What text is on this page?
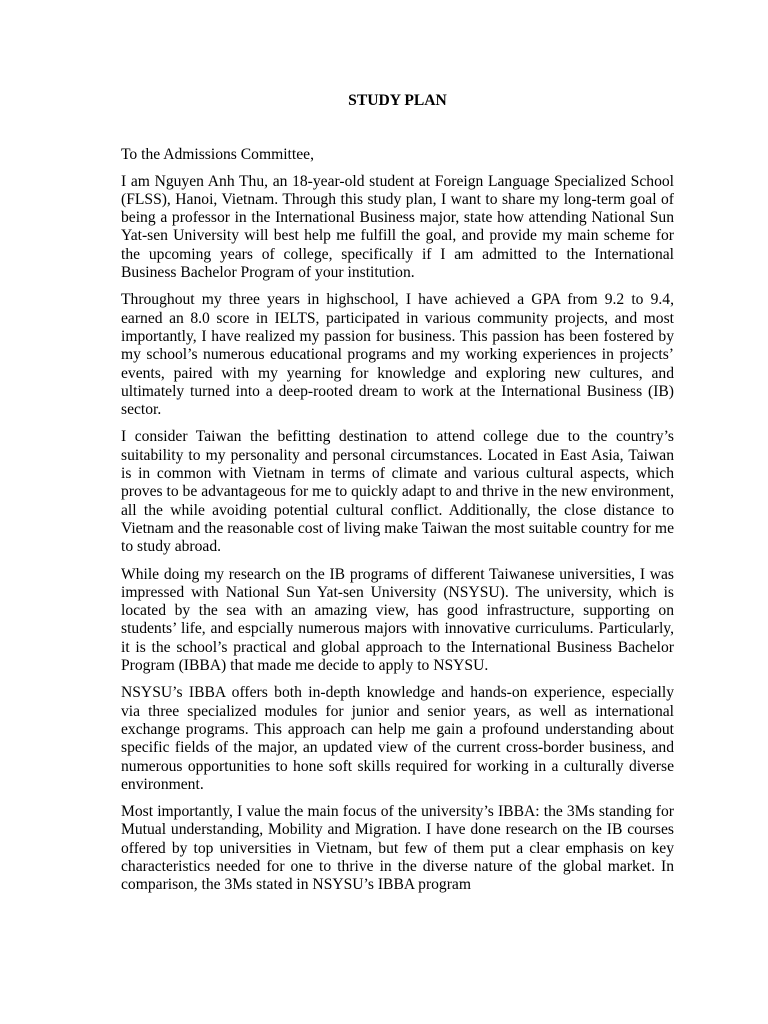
STUDY PLAN
To the Admissions Committee,

I am Nguyen Anh Thu, an 18-year-old student at Foreign Language Specialized School (FLSS), Hanoi, Vietnam. Through this study plan, I want to share my long-term goal of being a professor in the International Business major, state how attending National Sun Yat-sen University will best help me fulfill the goal, and provide my main scheme for the upcoming years of college, specifically if I am admitted to the International Business Bachelor Program of your institution.

Throughout my three years in highschool, I have achieved a GPA from 9.2 to 9.4, earned an 8.0 score in IELTS, participated in various community projects, and most importantly, I have realized my passion for business. This passion has been fostered by my school’s numerous educational programs and my working experiences in projects’ events, paired with my yearning for knowledge and exploring new cultures, and ultimately turned into a deep-rooted dream to work at the International Business (IB) sector.

I consider Taiwan the befitting destination to attend college due to the country’s suitability to my personality and personal circumstances. Located in East Asia, Taiwan is in common with Vietnam in terms of climate and various cultural aspects, which proves to be advantageous for me to quickly adapt to and thrive in the new environment, all the while avoiding potential cultural conflict. Additionally, the close distance to Vietnam and the reasonable cost of living make Taiwan the most suitable country for me to study abroad.

While doing my research on the IB programs of different Taiwanese universities, I was impressed with National Sun Yat-sen University (NSYSU). The university, which is located by the sea with an amazing view, has good infrastructure, supporting on students’ life, and espcially numerous majors with innovative curriculums. Particularly, it is the school’s practical and global approach to the International Business Bachelor Program (IBBA) that made me decide to apply to NSYSU.

NSYSU’s IBBA offers both in-depth knowledge and hands-on experience, especially via three specialized modules for junior and senior years, as well as international exchange programs. This approach can help me gain a profound understanding about specific fields of the major, an updated view of the current cross-border business, and numerous opportunities to hone soft skills required for working in a culturally diverse environment.

Most importantly, I value the main focus of the university’s IBBA: the 3Ms standing for Mutual understanding, Mobility and Migration. I have done research on the IB courses offered by top universities in Vietnam, but few of them put a clear emphasis on key characteristics needed for one to thrive in the diverse nature of the global market. In comparison, the 3Ms stated in NSYSU’s IBBA program
